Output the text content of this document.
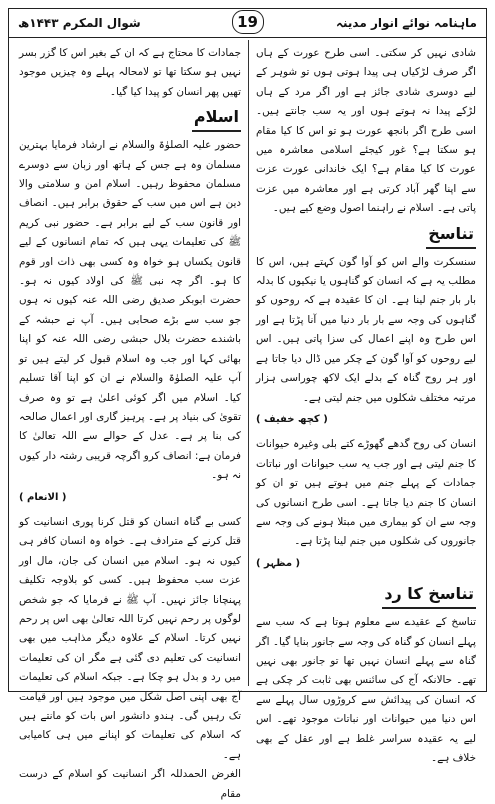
شوال المکرم ۱۴۴۳ھ	ماہنامہ نوائے انوار مدینہ
19

شادی نہیں کر سکتی۔ اسی طرح عورت کے ہاں اگر صرف لڑکیاں ہی پیدا ہوتی ہوں تو شوہر کے لیے دوسری شادی جائز ہے اور اگر مرد کے ہاں لڑکے پیدا نہ ہوتے ہوں اور یہ سب جانتے ہیں۔ اسی طرح اگر بانجھ عورت ہو تو اس کا کیا مقام ہو سکتا ہے؟ غور کیجئے اسلامی معاشرہ میں عورت کا کیا مقام ہے؟ ایک خاندانی عورت عزت سے اپنا گھر آباد کرتی ہے اور معاشرہ میں عزت پاتی ہے۔ اسلام نے راہنما اصول وضع کیے ہیں۔

تناسخ

سنسکرت والے اس کو آوا گون کہتے ہیں، اس کا مطلب یہ ہے کہ انسان کو گناہوں یا نیکیوں کا بدلہ بار بار جنم لینا ہے۔ ان کا عقیدہ ہے کہ روحوں کو گناہوں کی وجہ سے بار بار دنیا میں آنا پڑتا ہے اور اس طرح وہ اپنے اعمال کی سزا پاتی ہیں۔ اس لیے روحوں کو آوا گون کے چکر میں ڈال دیا جاتا ہے اور ہر روح گناہ کے بدلے ایک لاکھ چوراسی ہزار مرتبہ مختلف شکلوں میں جنم لیتی ہے۔

( کچھ خفیف )

انسان کی روح گدھے گھوڑے کتے بلی وغیرہ حیوانات کا جنم لیتی ہے اور جب یہ سب حیوانات اور نباتات جمادات کے پہلے جنم میں ہوتے ہیں تو ان کو انسان کا جنم دیا جاتا ہے۔ اسی طرح انسانوں کی وجہ سے ان کو بیماری میں مبتلا ہونے کی وجہ سے جانوروں کی شکلوں میں جنم لینا پڑتا ہے۔

( مظہر )
تناسخ کا رد

تناسخ کے عقیدے سے معلوم ہوتا ہے کہ سب سے پہلے انسان کو گناہ کی وجہ سے جانور بنایا گیا۔ اگر گناہ سے پہلے انسان نہیں تھا تو جانور بھی نہیں تھے۔ حالانکہ آج کی سائنس بھی ثابت کر چکی ہے کہ انسان کی پیدائش سے کروڑوں سال پہلے سے اس دنیا میں حیوانات اور نباتات موجود تھے۔ اس لیے یہ عقیدہ سراسر غلط ہے اور عقل کے بھی خلاف ہے۔

جمادات کا محتاج ہے کہ ان کے بغیر اس کا گزر بسر نہیں ہو سکتا تھا تو لامحالہ پہلے وہ چیزیں موجود تھیں پھر انسان کو پیدا کیا گیا۔

اسلام

حضور علیہ الصلوٰۃ والسلام نے ارشاد فرمایا بہترین مسلمان وہ ہے جس کے ہاتھ اور زبان سے دوسرے مسلمان محفوظ رہیں۔ اسلام امن و سلامتی والا دین ہے اس میں سب کے حقوق برابر ہیں۔ انصاف اور قانون سب کے لیے برابر ہے۔ حضور نبی کریم ﷺ کی تعلیمات یہی ہیں کہ تمام انسانوں کے لیے قانون یکساں ہو خواہ وہ کسی بھی ذات اور قوم کا ہو۔ اگر چہ نبی ﷺ کی اولاد کیوں نہ ہو۔ حضرت ابوبکر صدیق رضی اللہ عنہ کیوں نہ ہوں جو سب سے بڑے صحابی ہیں۔ آپ نے حبشہ کے باشندے حضرت بلال حبشی رضی اللہ عنہ کو اپنا بھائی کہا اور جب وہ اسلام قبول کر لیتے ہیں تو آپ علیہ الصلوٰۃ والسلام نے ان کو اپنا آقا تسلیم کیا۔ اسلام میں اگر کوئی اعلیٰ ہے تو وہ صرف تقویٰ کی بنیاد پر ہے۔ پرہیز گاری اور اعمال صالحہ کی بنا پر ہے۔ عدل کے حوالے سے اللہ تعالیٰ کا فرمان ہے: انصاف کرو اگرچہ قریبی رشتہ دار کیوں نہ ہو۔

( الانعام )

کسی بے گناہ انسان کو قتل کرنا پوری انسانیت کو قتل کرنے کے مترادف ہے۔ خواہ وہ انسان کافر ہی کیوں نہ ہو۔ اسلام میں انسان کی جان، مال اور عزت سب محفوظ ہیں۔ کسی کو بلاوجہ تکلیف پہنچانا جائز نہیں۔ آپ ﷺ نے فرمایا کہ جو شخص لوگوں پر رحم نہیں کرتا اللہ تعالیٰ بھی اس پر رحم نہیں کرتا۔ اسلام کے علاوہ دیگر مذاہب میں بھی انسانیت کی تعلیم دی گئی ہے مگر ان کی تعلیمات میں رد و بدل ہو چکا ہے۔ جبکہ اسلام کی تعلیمات آج بھی اپنی اصل شکل میں موجود ہیں اور قیامت تک رہیں گی۔ ہندو دانشور اس بات کو مانتے ہیں کہ اسلام کی تعلیمات کو اپنانے میں ہی کامیابی ہے۔

الغرض الحمدللہ اگر انسانیت کو اسلام کے درست مقام
